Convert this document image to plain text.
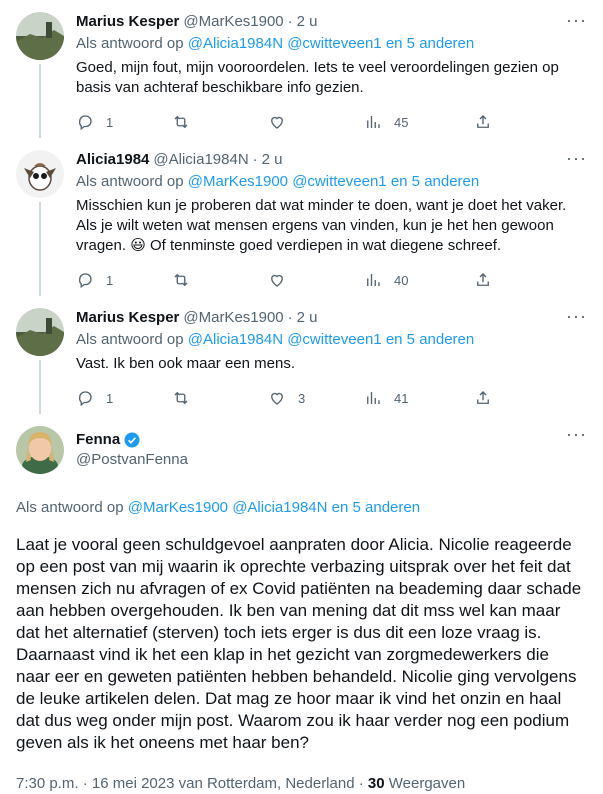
Marius Kesper @MarKes1900 · 2 u	···
Als antwoord op @Alicia1984N @cwitteveen1 en 5 anderen
Goed, mijn fout, mijn vooroordelen. Iets te veel veroordelingen gezien op basis van achteraf beschikbare info gezien.
1	45
Alicia1984 @Alicia1984N · 2 u	···
Als antwoord op @MarKes1900 @cwitteveen1 en 5 anderen
Misschien kun je proberen dat wat minder te doen, want je doet het vaker. Als je wilt weten wat mensen ergens van vinden, kun je het hen gewoon vragen. 😃 Of tenminste goed verdiepen in wat diegene schreef.
1	40
Marius Kesper @MarKes1900 · 2 u	···
Als antwoord op @Alicia1984N @cwitteveen1 en 5 anderen
Vast. Ik ben ook maar een mens.
1	3	41
Fenna
@PostvanFenna
···
Als antwoord op @MarKes1900 @Alicia1984N en 5 anderen
Laat je vooral geen schuldgevoel aanpraten door Alicia. Nicolie reageerde op een post van mij waarin ik oprechte verbazing uitsprak over het feit dat mensen zich nu afvragen of ex Covid patiënten na beademing daar schade aan hebben overgehouden. Ik ben van mening dat dit mss wel kan maar dat het alternatief (sterven) toch iets erger is dus dit een loze vraag is. Daarnaast vind ik het een klap in het gezicht van zorgmedewerkers die naar eer en geweten patiënten hebben behandeld. Nicolie ging vervolgens de leuke artikelen delen. Dat mag ze hoor maar ik vind het onzin en haal dat dus weg onder mijn post. Waarom zou ik haar verder nog een podium geven als ik het oneens met haar ben?
7:30 p.m. · 16 mei 2023 van Rotterdam, Nederland · 30 Weergaven
